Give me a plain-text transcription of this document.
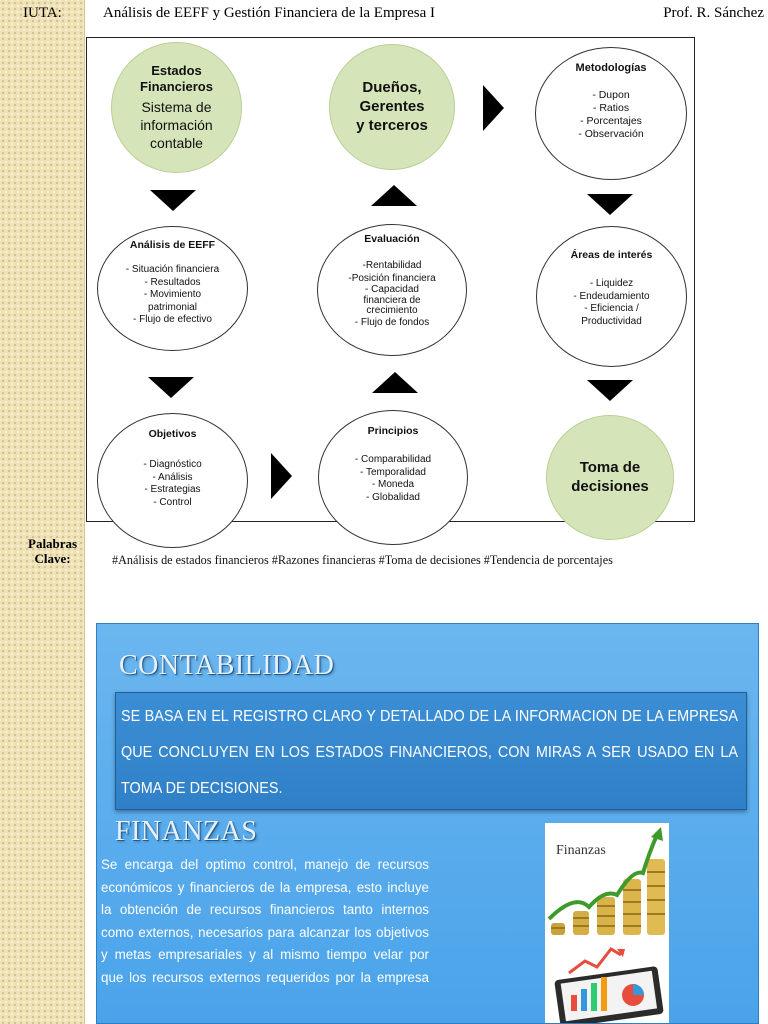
IUTA:	Análisis de EEFF y Gestión Financiera de la Empresa I	Prof. R. Sánchez
Estados
Financieros
Sistema de
información
contable
Dueños,
Gerentes
y terceros
Metodologías
- Dupon
- Ratios
- Porcentajes
- Observación
Análisis de EEFF
- Situación financiera
- Resultados
- Movimiento
patrimonial
- Flujo de efectivo
Evaluación
-Rentabilidad
-Posición financiera
- Capacidad
financiera de
crecimiento
- Flujo de fondos
Áreas de interés
- Liquidez
- Endeudamiento
- Eficiencia /
Productividad
Objetivos
- Diagnóstico
- Análisis
- Estrategias
- Control
Principios
- Comparabilidad
- Temporalidad
- Moneda
- Globalidad
Toma de
decisiones
Palabras
Clave:	#Análisis de estados financieros #Razones financieras #Toma de decisiones #Tendencia de porcentajes
CONTABILIDAD

SE BASA EN EL REGISTRO CLARO Y DETALLADO DE LA INFORMACION DE LA EMPRESA QUE CONCLUYEN EN LOS ESTADOS FINANCIEROS, CON MIRAS A SER USADO EN LA TOMA DE DECISIONES.

FINANZAS
Se encarga del optimo control, manejo de recursos económicos y financieros de la empresa, esto incluye la obtención de recursos financieros tanto internos como externos, necesarios para alcanzar los objetivos y metas empresariales y al mismo tiempo velar por que los recursos externos requeridos por la empresa
Finanzas
